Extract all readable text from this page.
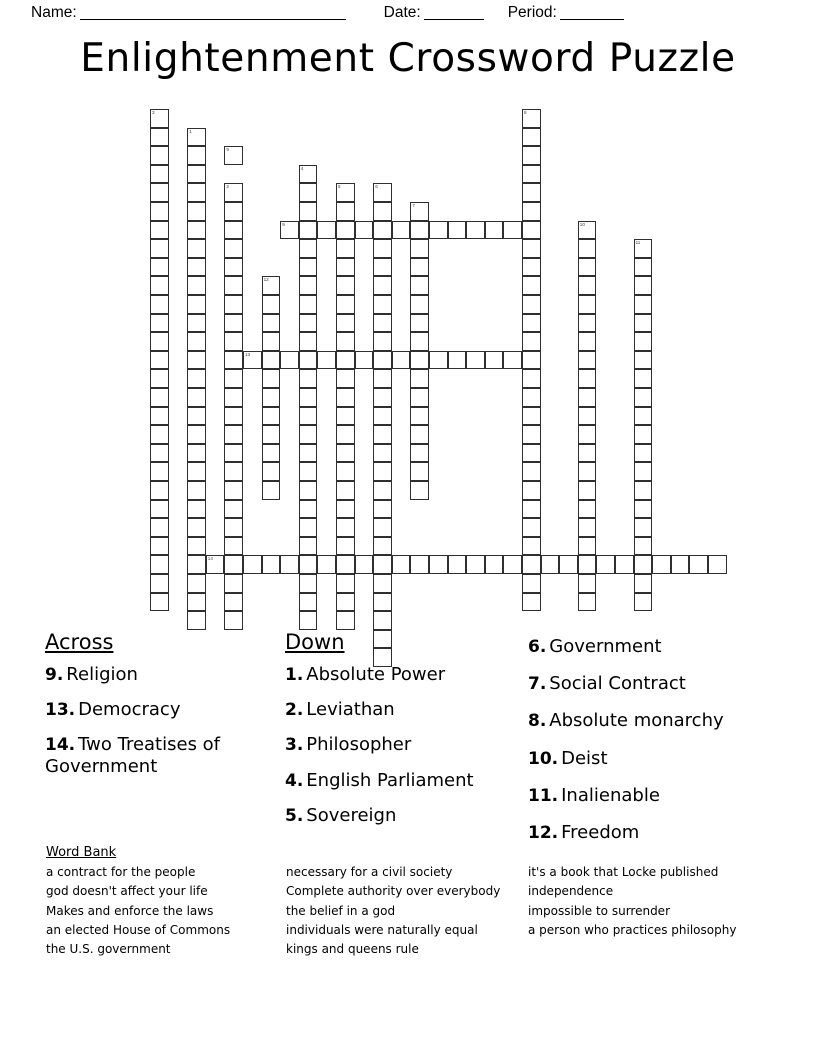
Name:	Date:	Period:
Enlightenment Crossword Puzzle
3
1
9
2
4
5	6
12
7
8
10
11
9
13
14
Across
9. Religion
13. Democracy
14. Two Treatises of Government
Down
1. Absolute Power
2. Leviathan
3. Philosopher
4. English Parliament
5. Sovereign
6. Government
7. Social Contract
8. Absolute monarchy
10. Deist
11. Inalienable
12. Freedom
Word Bank
a contract for the people
god doesn't affect your life
Makes and enforce the laws
an elected House of Commons
the U.S. government
necessary for a civil society
Complete authority over everybody
the belief in a god
individuals were naturally equal
kings and queens rule
it's a book that Locke published
independence
impossible to surrender
a person who practices philosophy
